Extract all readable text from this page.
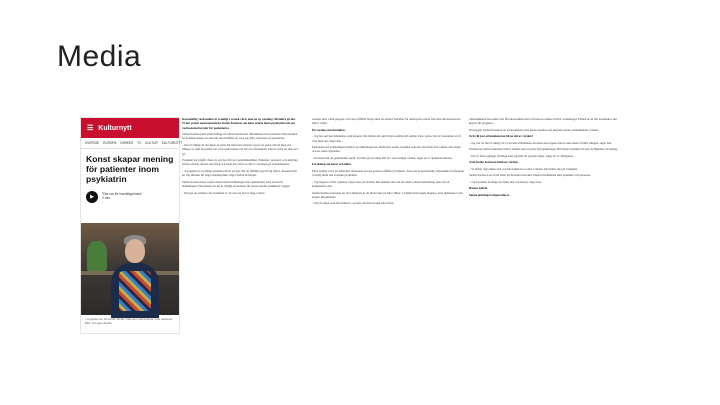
Media
☰ Kulturnytt
SVERIGE EUROPA INRIKES TV KULTUR KULTURNYTT
Konst skapar mening för patienter inom psykiatrin
▶	"Det var för livsviktiga bara"
2 min
I projektet ser konstnär Stefan Karlsson samarbetat med patienter. Bild: Sveriges Radio

Konstnärlig verksamhet är ovanligt i svensk vård, men en ny satsning vill ändra på det. Vi har pratat med konstnären Stefan Karlsson om hans arbete inom psykiatrin och om vad konsten betyder för patienterna.

Stefan Karlsson har under många år arbetat med konst tillsammans med patienter. Han berättar att konsten skapar ett rum där det är tillåtet att vara sig själv, utan krav på prestation.

– Det är viktigt att det finns en plats där man kan uttrycka sig på ett annat sätt än med ord. Många av dem jag möter har varit sjuka länge och bär på erfarenheter som är svåra att sätta ord på.

Projektet har pågått i flera år och har fått stor uppmärksamhet. Patienter, personal och anhöriga vittnar om hur arbetet med färg och form har blivit en del av vardagen på avdelningarna.

– Jag upplever att många patienter hittar ett nytt sätt att förhålla sig till sig själva. Konsten blir en väg tillbaka till något meningsfullt, säger Stefan Karlsson.

Stefan Karlsson har också arbetat med utställningar där patienternas verk visats för allmänheten. Han menar att det är viktigt att konsten får synas utanför sjukhusets väggar.

– Det ger en stolthet och en känsla av att vara en del av något större.

Arbetet sker i små grupper och varje tillfälle börjar med ett samtal. Därefter får deltagarna arbeta fritt med det material de själva väljer.

En vardag som förändras

– Jag har sett hur människor som knappt ville lämna sitt rum börjar komma till ateljén varje vecka. Det är fantastiskt att få vara med om, säger han.

Personalen på avdelningen berättar att stämningen har förändrats sedan projektet startade. Det finns fler samtal, mer skratt och en större öppenhet.

– Konsten blir ett gemensamt språk. Vi möts på ett annat sätt än i den vanliga vården, säger en av sjuksköterskorna.

Forskning om konst och hälsa

Flera studier visar att kulturella aktiviteter kan ha positiva effekter på hälsan. Trots det är konstnärlig verksamhet fortfarande ovanlig inom den svenska psykiatrin.

– Jag hoppas att fler regioner vågar satsa på det här. Det handlar inte om att ersätta annan behandling utan om att komplettera den.

Stefan Karlsson betonar att det viktigaste är att mötet sker på lika villkor. I ateljén finns ingen diagnos, bara människor som skapar tillsammans.

– Det är något som alla behöver, oavsett om man är sjuk eller frisk.

Verksamheten har under året fått ekonomiskt stöd och kan nu utökas till fler avdelningar. Planen är att fler konstnärer ska knytas till projektet.

Nu hoppas Stefan Karlsson att erfarenheterna ska kunna spridas och inspirera andra verksamheter i landet.

Och vill just erfarenheterna bli en del av vården?

– Jag tror att det är viktigt att vi ser hela människan. Konsten kan öppna dörrar som annars förblir stängda, säger han.

Patienterna själva beskriver tiden i ateljén som en paus från sjukdomen. Här finns utrymme för lek, nyfikenhet och glädje.

– Det är första gången på länge som jag känt att jag kan något, säger en av deltagarna.

Axel Stefan Karlsson behöver vården

– Vi måste våga tänka nytt och låta kulturen ta plats i vården. Det tjänar alla på i längden.

Stefan Karlsson ser fram emot att fortsätta utveckla arbetet tillsammans med patienter och personal.

– Jag fortsätter så länge det finns lust och energi, säger han.

Hanna Jedvik

hanna.jedvik@sverigesradio.se
